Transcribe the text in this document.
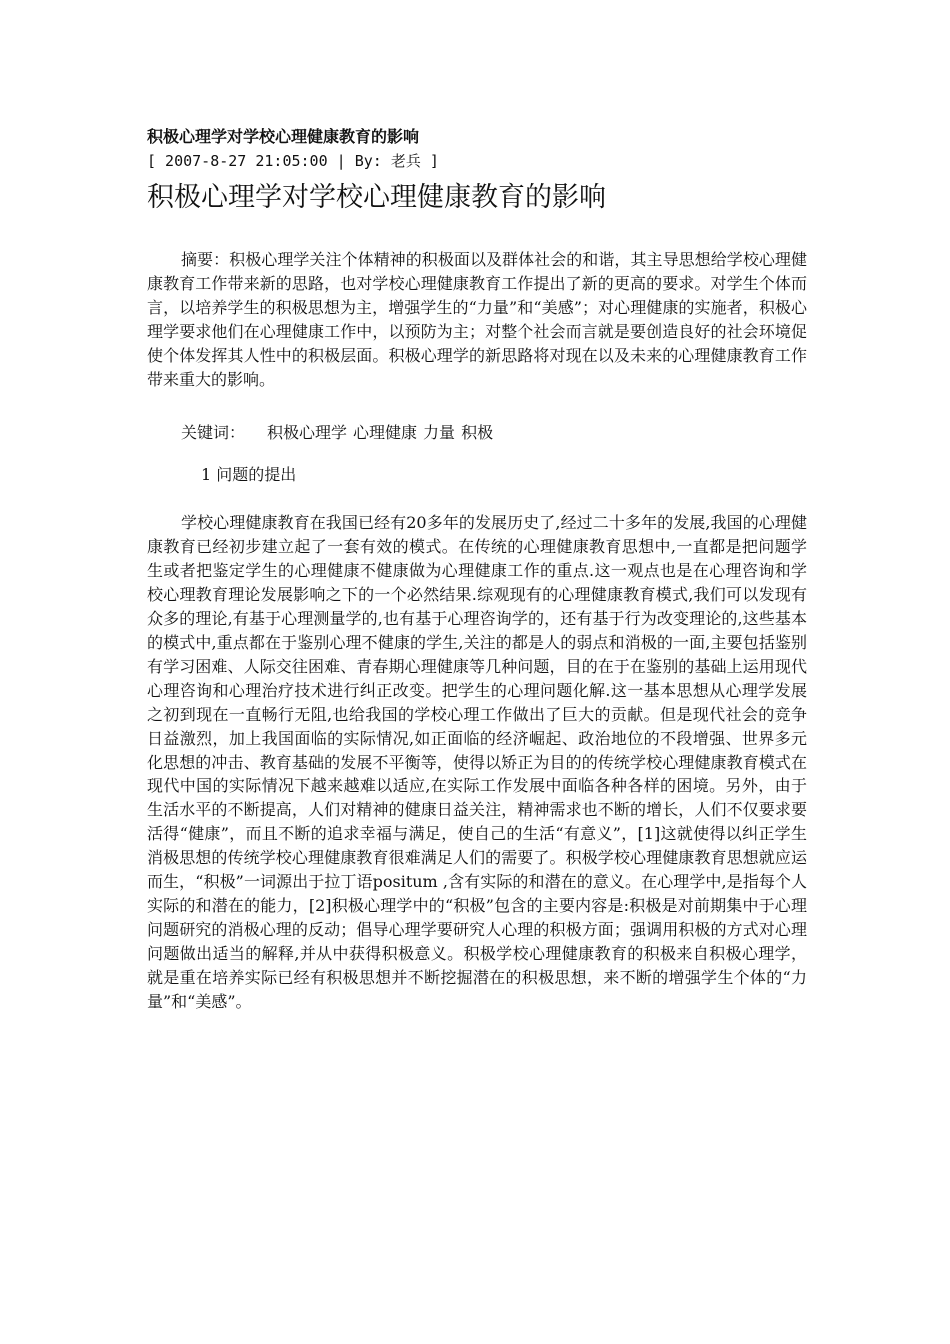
积极心理学对学校心理健康教育的影响

[ 2007-8-27 21:05:00 | By: 老兵 ]

积极心理学对学校心理健康教育的影响

摘要：积极心理学关注个体精神的积极面以及群体社会的和谐，其主导思想给学校心理健康教育工作带来新的思路，也对学校心理健康教育工作提出了新的更高的要求。对学生个体而言，以培养学生的积极思想为主，增强学生的“力量”和“美感”；对心理健康的实施者，积极心理学要求他们在心理健康工作中，以预防为主；对整个社会而言就是要创造良好的社会环境促使个体发挥其人性中的积极层面。积极心理学的新思路将对现在以及未来的心理健康教育工作带来重大的影响。

关键词： 积极心理学 心理健康 力量 积极
1 问题的提出

学校心理健康教育在我国已经有20多年的发展历史了,经过二十多年的发展,我国的心理健康教育已经初步建立起了一套有效的模式。在传统的心理健康教育思想中,一直都是把问题学生或者把鉴定学生的心理健康不健康做为心理健康工作的重点.这一观点也是在心理咨询和学校心理教育理论发展影响之下的一个必然结果.综观现有的心理健康教育模式,我们可以发现有众多的理论,有基于心理测量学的,也有基于心理咨询学的，还有基于行为改变理论的,这些基本的模式中,重点都在于鉴别心理不健康的学生,关注的都是人的弱点和消极的一面,主要包括鉴别有学习困难、人际交往困难、青春期心理健康等几种问题，目的在于在鉴别的基础上运用现代心理咨询和心理治疗技术进行纠正改变。把学生的心理问题化解.这一基本思想从心理学发展之初到现在一直畅行无阻,也给我国的学校心理工作做出了巨大的贡献。但是现代社会的竞争日益激烈，加上我国面临的实际情况,如正面临的经济崛起、政治地位的不段增强、世界多元化思想的冲击、教育基础的发展不平衡等，使得以矫正为目的的传统学校心理健康教育模式在现代中国的实际情况下越来越难以适应,在实际工作发展中面临各种各样的困境。另外，由于生活水平的不断提高，人们对精神的健康日益关注，精神需求也不断的增长，人们不仅要求要活得“健康”，而且不断的追求幸福与满足，使自己的生活“有意义”，[1]这就使得以纠正学生消极思想的传统学校心理健康教育很难满足人们的需要了。积极学校心理健康教育思想就应运而生，“积极”一词源出于拉丁语positum ,含有实际的和潜在的意义。在心理学中,是指每个人实际的和潜在的能力，[2]积极心理学中的“积极”包含的主要内容是:积极是对前期集中于心理问题研究的消极心理的反动；倡导心理学要研究人心理的积极方面；强调用积极的方式对心理问题做出适当的解释,并从中获得积极意义。积极学校心理健康教育的积极来自积极心理学，就是重在培养实际已经有积极思想并不断挖掘潜在的积极思想，来不断的增强学生个体的“力量”和“美感”。
